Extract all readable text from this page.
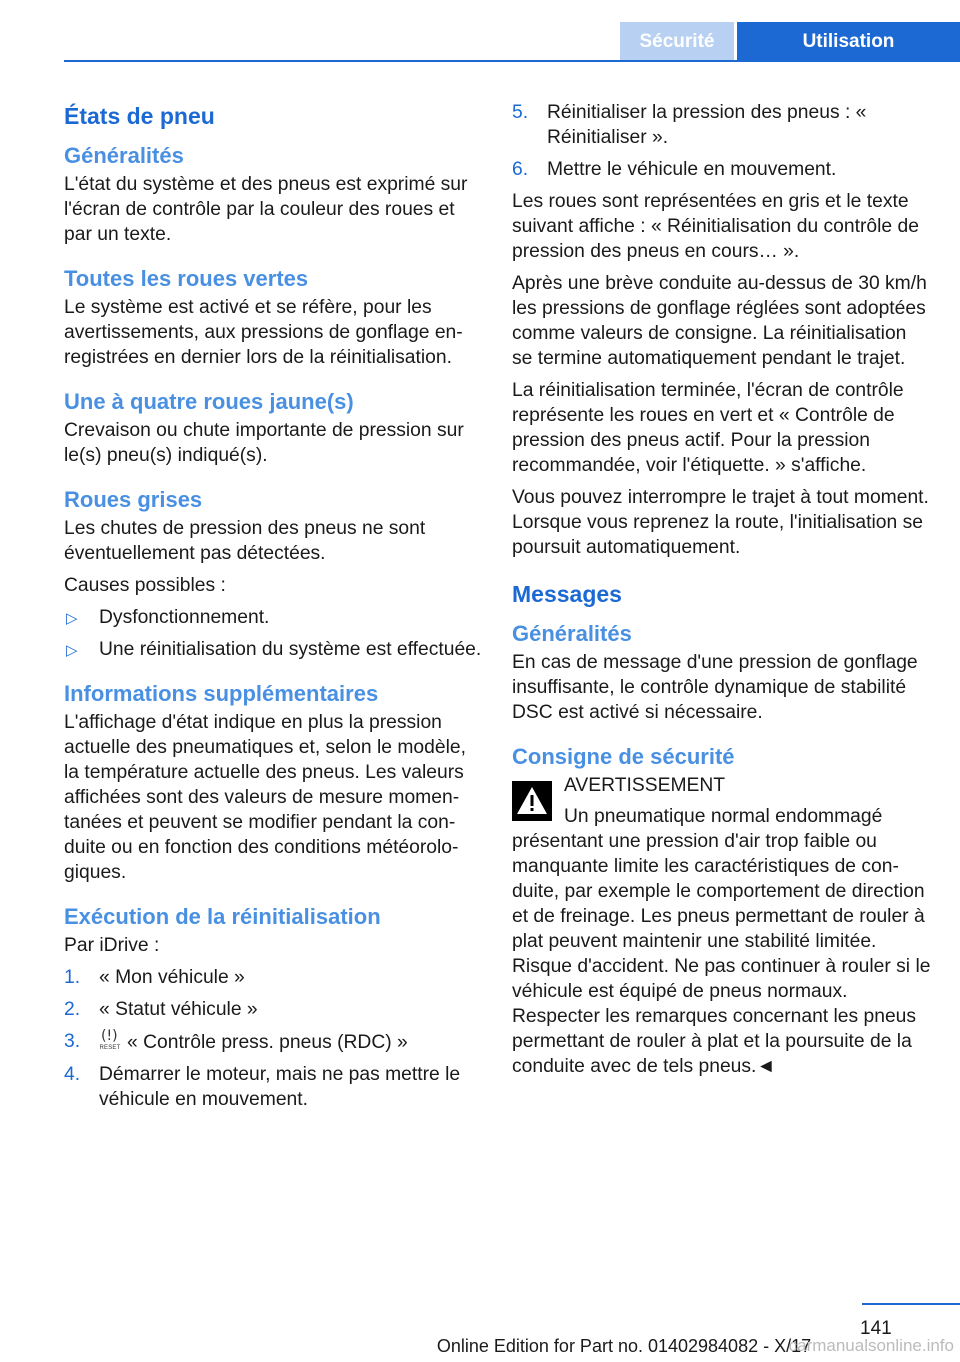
Sécurité	Utilisation
États de pneu
Généralités

L'état du système et des pneus est exprimé sur l'écran de contrôle par la couleur des roues et par un texte.

Toutes les roues vertes

Le système est activé et se réfère, pour les avertissements, aux pressions de gonflage enregistrées en dernier lors de la réinitialisation.

Une à quatre roues jaune(s)

Crevaison ou chute importante de pression sur le(s) pneu(s) indiqué(s).

Roues grises

Les chutes de pression des pneus ne sont éventuellement pas détectées.

Causes possibles :

▷ Dysfonctionnement.
▷ Une réinitialisation du système est effectuée.
Informations supplémentaires

L'affichage d'état indique en plus la pression actuelle des pneumatiques et, selon le modèle, la température actuelle des pneus. Les valeurs affichées sont des valeurs de mesure momentanées et peuvent se modifier pendant la conduite ou en fonction des conditions météorologiques.

Exécution de la réinitialisation

Par iDrive :

1. « Mon véhicule »
2. « Statut véhicule »
3. (!)
RESET « Contrôle press. pneus (RDC) »
4. Démarrer le moteur, mais ne pas mettre le véhicule en mouvement.
5. Réinitialiser la pression des pneus : « Réinitialiser ».
6. Mettre le véhicule en mouvement.

Les roues sont représentées en gris et le texte suivant affiche : « Réinitialisation du contrôle de pression des pneus en cours… ».

Après une brève conduite au-dessus de 30 km/h les pressions de gonflage réglées sont adoptées comme valeurs de consigne. La réinitialisation se termine automatiquement pendant le trajet.

La réinitialisation terminée, l'écran de contrôle représente les roues en vert et « Contrôle de pression des pneus actif. Pour la pression recommandée, voir l'étiquette. » s'affiche.

Vous pouvez interrompre le trajet à tout moment. Lorsque vous reprenez la route, l'initialisation se poursuit automatiquement.

Messages
Généralités

En cas de message d'une pression de gonflage insuffisante, le contrôle dynamique de stabilité DSC est activé si nécessaire.

Consigne de sécurité
AVERTISSEMENT
Un pneumatique normal endommagé

présentant une pression d'air trop faible ou manquante limite les caractéristiques de conduite, par exemple le comportement de direction et de freinage. Les pneus permettant de rouler à plat peuvent maintenir une stabilité limitée. Risque d'accident. Ne pas continuer à rouler si le véhicule est équipé de pneus normaux. Respecter les remarques concernant les pneus permettant de rouler à plat et la poursuite de la conduite avec de tels pneus.◄

141
Online Edition for Part no. 01402984082 - X/17
carmanualsonline.info
